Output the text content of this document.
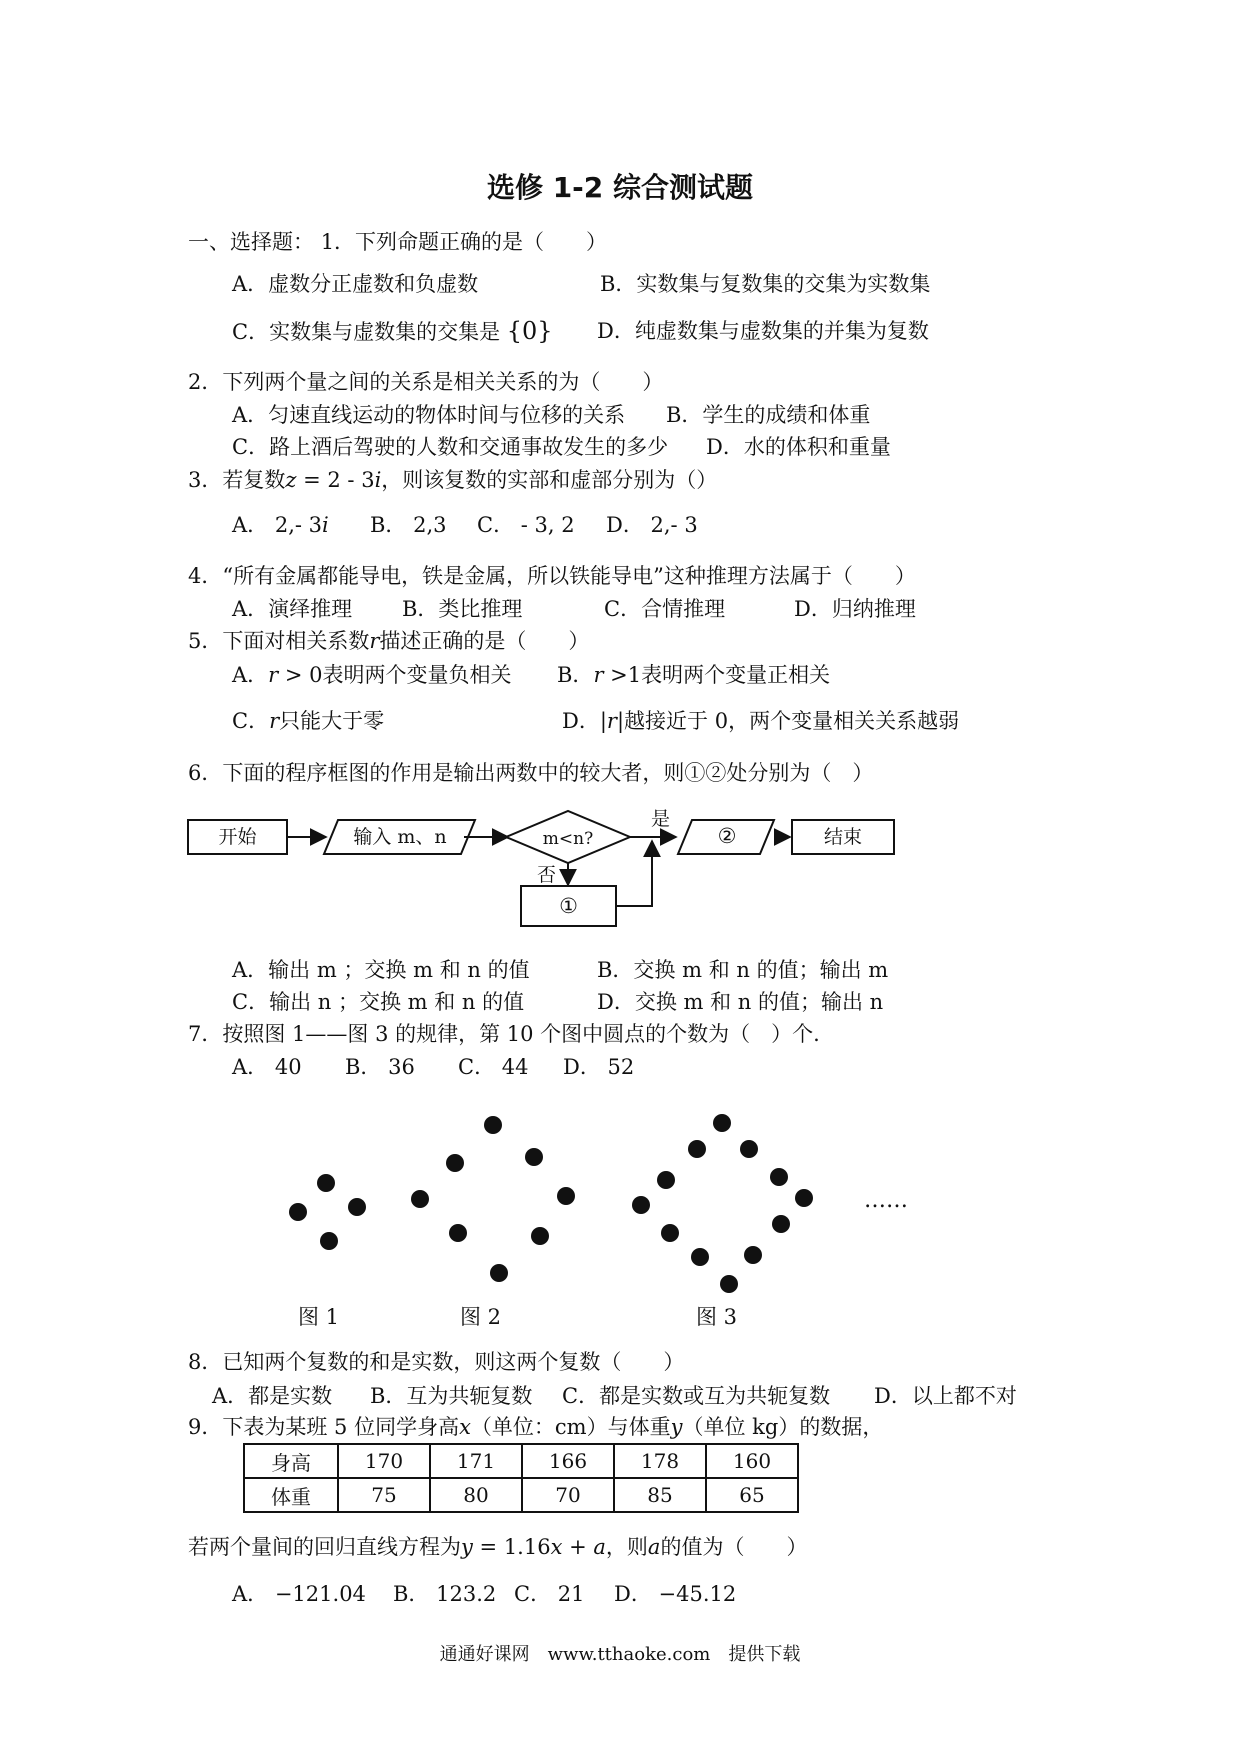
选修 1-2 综合测试题
一、选择题： 1．下列命题正确的是（　　）
A．虚数分正虚数和负虚数	B．实数集与复数集的交集为实数集
C．实数集与虚数集的交集是 {0} D．纯虚数集与虚数集的并集为复数
2．下列两个量之间的关系是相关关系的为（　　）
A．匀速直线运动的物体时间与位移的关系 B．学生的成绩和体重
C．路上酒后驾驶的人数和交通事故发生的多少 D．水的体积和重量
3．若复数z = 2 - 3i，则该复数的实部和虚部分别为（）
A． 2,- 3i B． 2,3 C． - 3, 2 D． 2,- 3
4．“所有金属都能导电，铁是金属，所以铁能导电”这种推理方法属于（　　）
A．演绎推理 B．类比推理	C．合情推理	D．归纳推理
5．下面对相关系数r描述正确的是（　　）
A．r > 0表明两个变量负相关 B．r >1表明两个变量正相关
C．r只能大于零	D．|r|越接近于 0，两个变量相关关系越弱
6．下面的程序框图的作用是输出两数中的较大者，则①②处分别为（　）
开始	输入 m、n	m<n?
是
否
②
①
结束
A．输出 m ；交换 m 和 n 的值	B．交换 m 和 n 的值；输出 m
C．输出 n ；交换 m 和 n 的值	D．交换 m 和 n 的值；输出 n
7．按照图 1——图 3 的规律，第 10 个图中圆点的个数为（　）个.
A． 40 B． 36 C． 44 D． 52
……
图 1	图 2	图 3
8．已知两个复数的和是实数，则这两个复数（　　）
A．都是实数 B．互为共轭复数 C．都是实数或互为共轭复数 D．以上都不对
9．下表为某班 5 位同学身高x（单位：cm）与体重y（单位 kg）的数据，
身高	170	171	166	178	160
体重	75	80	70	85	65
若两个量间的回归直线方程为y = 1.16x + a，则a的值为（　　）
A． −121.04 B． 123.2 C． 21 D． −45.12
通通好课网　www.tthaoke.com　提供下载
